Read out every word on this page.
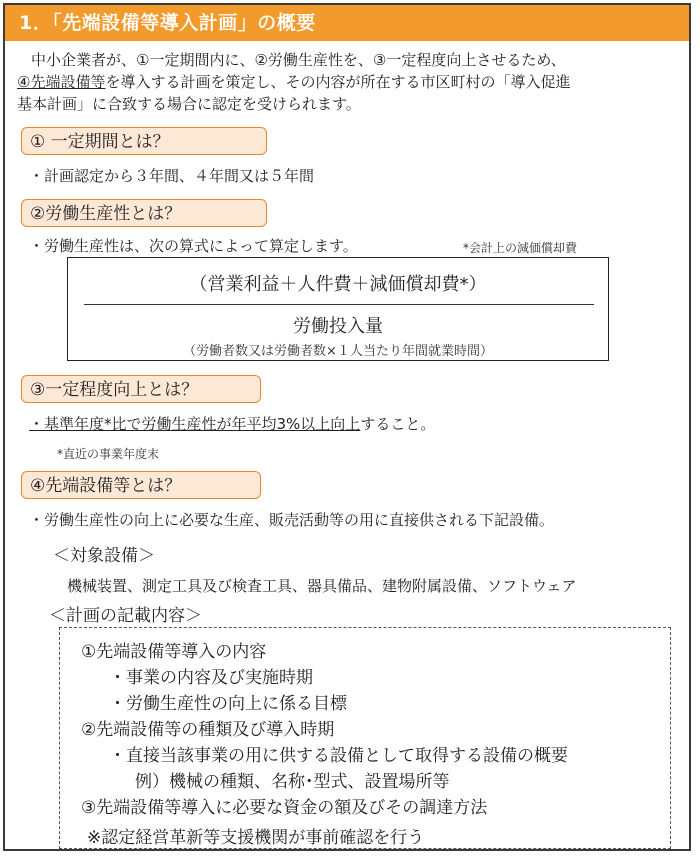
1．「先端設備等導入計画」の概要
中小企業者が、①一定期間内に、②労働生産性を、③一定程度向上させるため、
④先端設備等を導入する計画を策定し、その内容が所在する市区町村の「導入促進
基本計画」に合致する場合に認定を受けられます。
① 一定期間とは？
・計画認定から３年間、４年間又は５年間
②労働生産性とは？
・労働生産性は、次の算式によって算定します。	*会計上の減価償却費
（営業利益＋人件費＋減価償却費*）
労働投入量
（労働者数又は労働者数×１人当たり年間就業時間）
③一定程度向上とは？
・基準年度*比で労働生産性が年平均3%以上向上すること。
*直近の事業年度末
④先端設備等とは？
・労働生産性の向上に必要な生産、販売活動等の用に直接供される下記設備。
＜対象設備＞
機械装置、測定工具及び検査工具、器具備品、建物附属設備、ソフトウェア
＜計画の記載内容＞
①先端設備等導入の内容
・事業の内容及び実施時期
・労働生産性の向上に係る目標
②先端設備等の種類及び導入時期
・直接当該事業の用に供する設備として取得する設備の概要
例）機械の種類、名称･型式、設置場所等
③先端設備等導入に必要な資金の額及びその調達方法
※認定経営革新等支援機関が事前確認を行う
